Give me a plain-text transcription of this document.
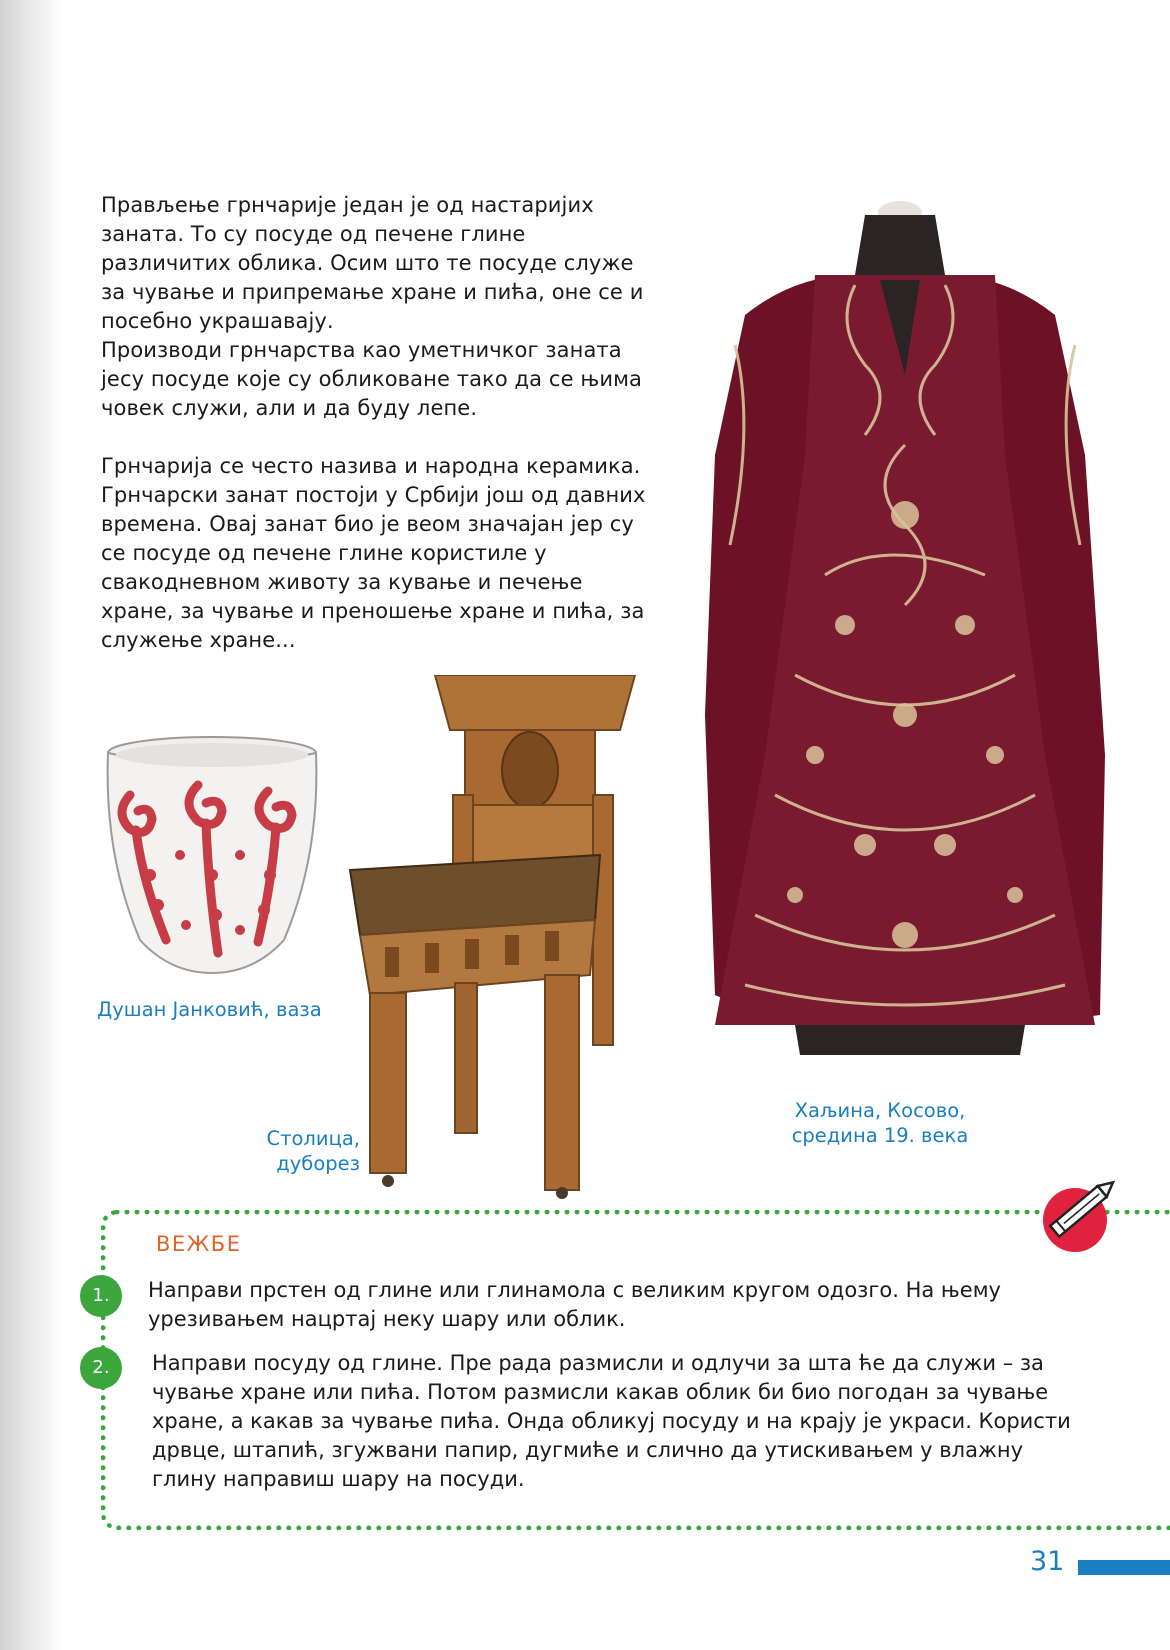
Прављење грнчарије један је од настаријих заната. То су посуде од печене глине различитих облика. Осим што те посуде служе за чување и припремање хране и пића, оне се и посебно украшавају.

Производи грнчарства као уметничког заната јесу посуде које су обликоване тако да се њима човек служи, али и да буду лепе.

Грнчарија се често назива и народна керамика. Грнчарски занат постоји у Србији још од давних времена. Овај занат био је веом значајан јер су се посуде од печене глине користиле у свакодневном животу за кување и печење хране, за чување и преношење хране и пића, за служење хране...

Душан Јанковић, ваза
Столица,
дуборез
Хаљина, Косово,
средина 19. века
ВЕЖБЕ
1.	Направи прстен од глине или глинамола с великим кругом одозго. На њему урезивањем нацртај неку шару или облик.
2.	Направи посуду од глине. Пре рада размисли и одлучи за шта ће да служи – за чување хране или пића. Потом размисли какав облик би био погодан за чување хране, а какав за чување пића. Онда обликуј посуду и на крају је украси. Користи дрвце, штапић, згужвани папир, дугмиће и слично да утискивањем у влажну глину направиш шару на посуди.
31
